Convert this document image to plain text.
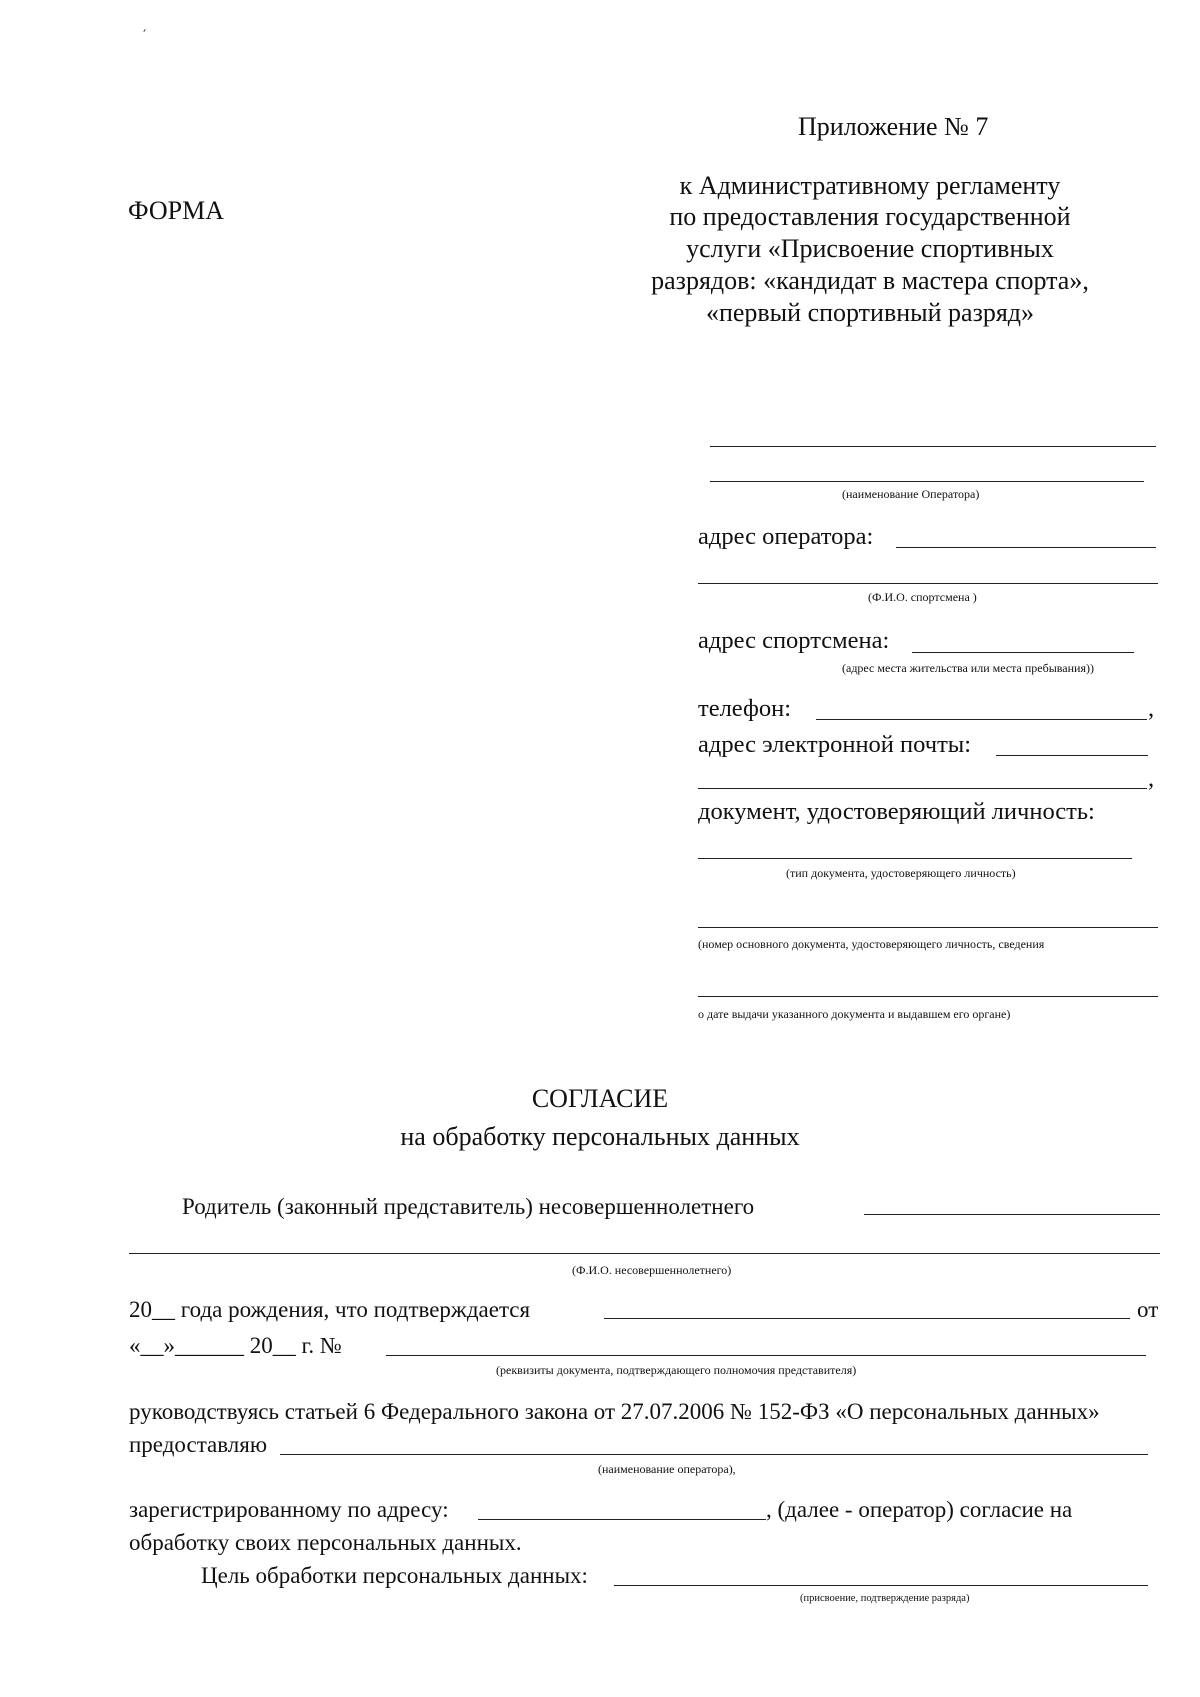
Приложение № 7
ФОРМА
к Административному регламенту
по предоставления государственной
услуги «Присвоение спортивных
разрядов: «кандидат в мастера спорта»,
«первый спортивный разряд»
(наименование Оператора)
адрес оператора:
(Ф.И.О. спортсмена )
адрес спортсмена:
(адрес места жительства или места пребывания))
телефон:	,
адрес электронной почты:
,
документ, удостоверяющий личность:
(тип документа, удостоверяющего личность)
(номер основного документа, удостоверяющего личность, сведения
о дате выдачи указанного документа и выдавшем его органе)
СОГЛАСИЕ
на обработку персональных данных
Родитель (законный представитель) несовершеннолетнего
(Ф.И.О. несовершеннолетнего)
20__ года рождения, что подтверждается	от
«__»______ 20__ г. №
(реквизиты документа, подтверждающего полномочия представителя)
руководствуясь статьей 6 Федерального закона от 27.07.2006 № 152-ФЗ «О персональных данных»
предоставляю
(наименование оператора),
зарегистрированному по адресу:	, (далее - оператор) согласие на
обработку своих персональных данных.
Цель обработки персональных данных:
(присвоение, подтверждение разряда)
